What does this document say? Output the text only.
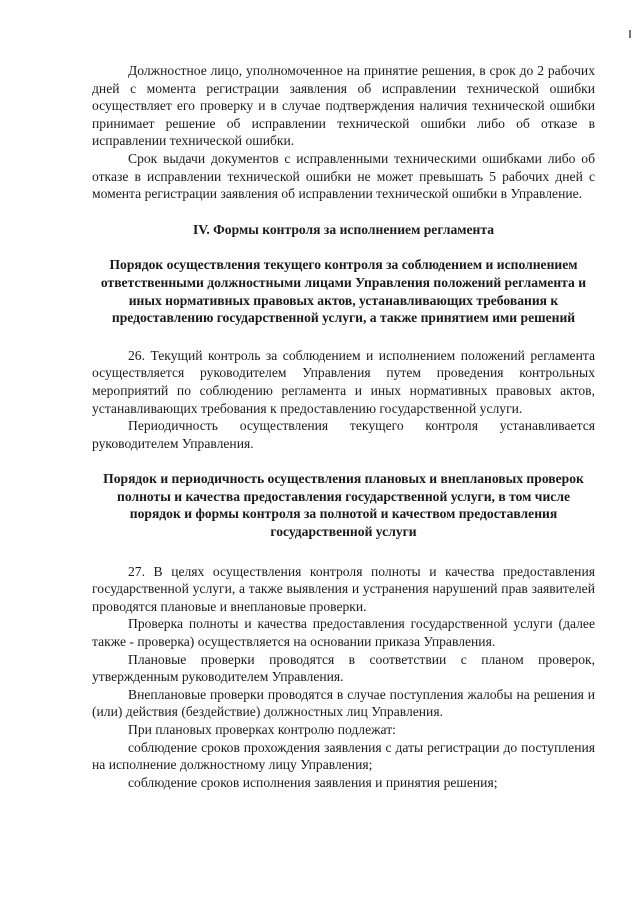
Должностное лицо, уполномоченное на принятие решения, в срок до 2 рабочих дней с момента регистрации заявления об исправлении технической ошибки осуществляет его проверку и в случае подтверждения наличия технической ошибки принимает решение об исправлении технической ошибки либо об отказе в исправлении технической ошибки.

Срок выдачи документов с исправленными техническими ошибками либо об отказе в исправлении технической ошибки не может превышать 5 рабочих дней с момента регистрации заявления об исправлении технической ошибки в Управление.

IV. Формы контроля за исполнением регламента

Порядок осуществления текущего контроля за соблюдением и исполнением ответственными должностными лицами Управления положений регламента и иных нормативных правовых актов, устанавливающих требования к предоставлению государственной услуги, а также принятием ими решений

26. Текущий контроль за соблюдением и исполнением положений регламента осуществляется руководителем Управления путем проведения контрольных мероприятий по соблюдению регламента и иных нормативных правовых актов, устанавливающих требования к предоставлению государственной услуги.

Периодичность осуществления текущего контроля устанавливается руководителем Управления.

Порядок и периодичность осуществления плановых и внеплановых проверок полноты и качества предоставления государственной услуги, в том числе порядок и формы контроля за полнотой и качеством предоставления государственной услуги

27. В целях осуществления контроля полноты и качества предоставления государственной услуги, а также выявления и устранения нарушений прав заявителей проводятся плановые и внеплановые проверки.

Проверка полноты и качества предоставления государственной услуги (далее также - проверка) осуществляется на основании приказа Управления.

Плановые проверки проводятся в соответствии с планом проверок, утвержденным руководителем Управления.

Внеплановые проверки проводятся в случае поступления жалобы на решения и (или) действия (бездействие) должностных лиц Управления.

При плановых проверках контролю подлежат:

соблюдение сроков прохождения заявления с даты регистрации до поступления на исполнение должностному лицу Управления;

соблюдение сроков исполнения заявления и принятия решения;
